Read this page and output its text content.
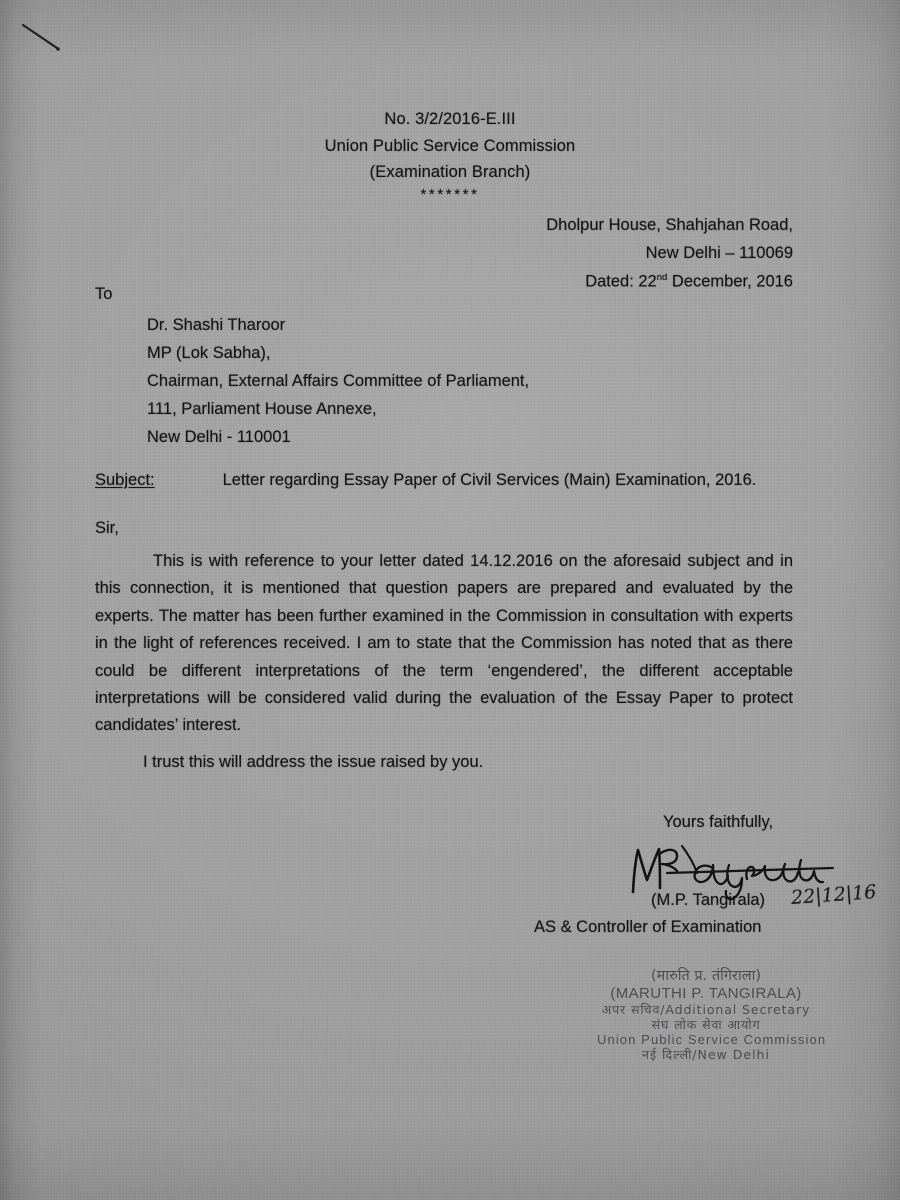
No. 3/2/2016-E.III
Union Public Service Commission
(Examination Branch)
*******
Dholpur House, Shahjahan Road,
New Delhi – 110069
Dated: 22nd December, 2016
To
Dr. Shashi Tharoor
MP (Lok Sabha),
Chairman, External Affairs Committee of Parliament,
111, Parliament House Annexe,
New Delhi - 110001
Subject:	Letter regarding Essay Paper of Civil Services (Main) Examination, 2016.
Sir,
This is with reference to your letter dated 14.12.2016 on the aforesaid subject and in this connection, it is mentioned that question papers are prepared and evaluated by the experts. The matter has been further examined in the Commission in consultation with experts in the light of references received. I am to state that the Commission has noted that as there could be different interpretations of the term ‘engendered’, the different acceptable interpretations will be considered valid during the evaluation of the Essay Paper to protect candidates’ interest.
I trust this will address the issue raised by you.
Yours faithfully,
22|12|16
(M.P. Tangirala)
AS & Controller of Examination
(मारुति प्र. तंगिराला)
(MARUTHI P. TANGIRALA)
अपर सचिव/Additional Secretary
संघ लोक सेवा आयोग
Union Public Service Commission
नई दिल्ली/New Delhi
